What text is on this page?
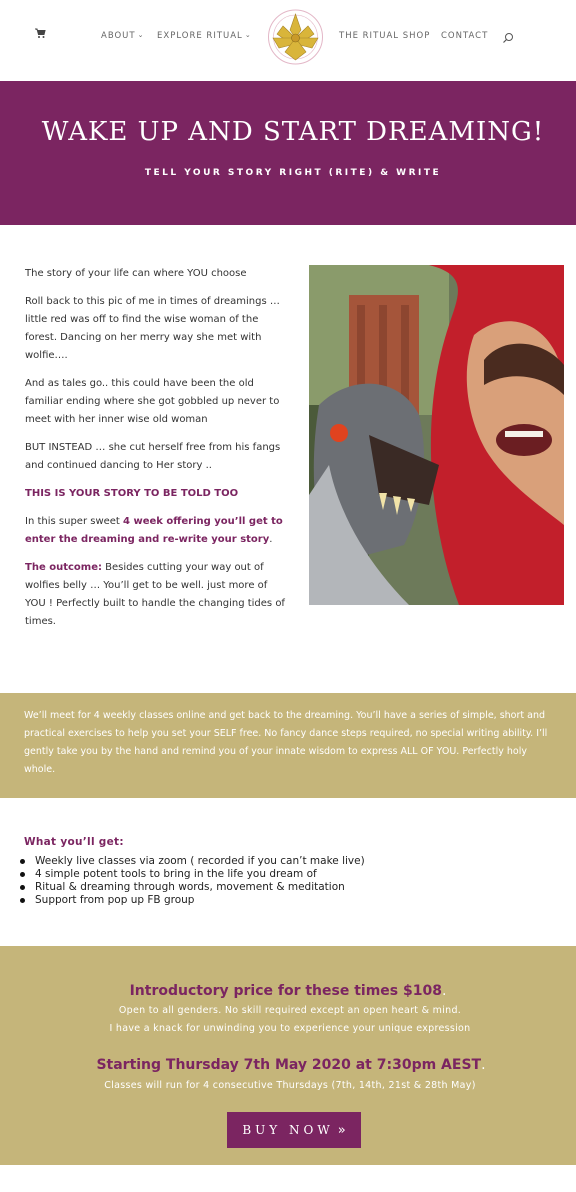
ABOUT ⌄ EXPLORE RITUAL ⌄	THE RITUAL SHOP CONTACT
WAKE UP AND START DREAMING!
TELL YOUR STORY RIGHT (RITE) & WRITE

The story of your life can where YOU choose

Roll back to this pic of me in times of dreamings … little red was off to find the wise woman of the forest. Dancing on her merry way she met with wolfie….

And as tales go.. this could have been the old familiar ending where she got gobbled up never to meet with her inner wise old woman

BUT INSTEAD … she cut herself free from his fangs and continued dancing to Her story ..

THIS IS YOUR STORY TO BE TOLD TOO

In this super sweet 4 week offering you’ll get to enter the dreaming and re-write your story.

The outcome: Besides cutting your way out of wolfies belly … You’ll get to be well. just more of YOU ! Perfectly built to handle the changing tides of times.

We’ll meet for 4 weekly classes online and get back to the dreaming. You’ll have a series of simple, short and practical exercises to help you set your SELF free. No fancy dance steps required, no special writing ability. I’ll gently take you by the hand and remind you of your innate wisdom to express ALL OF YOU. Perfectly holy whole.
What you’ll get:
Weekly live classes via zoom ( recorded if you can’t make live)
4 simple potent tools to bring in the life you dream of
Ritual & dreaming through words, movement & meditation
Support from pop up FB group
Introductory price for these times $108.
Open to all genders. No skill required except an open heart & mind.
I have a knack for unwinding you to experience your unique expression
Starting Thursday 7th May 2020 at 7:30pm AEST.
Classes will run for 4 consecutive Thursdays (7th, 14th, 21st & 28th May)
BUY NOW »
